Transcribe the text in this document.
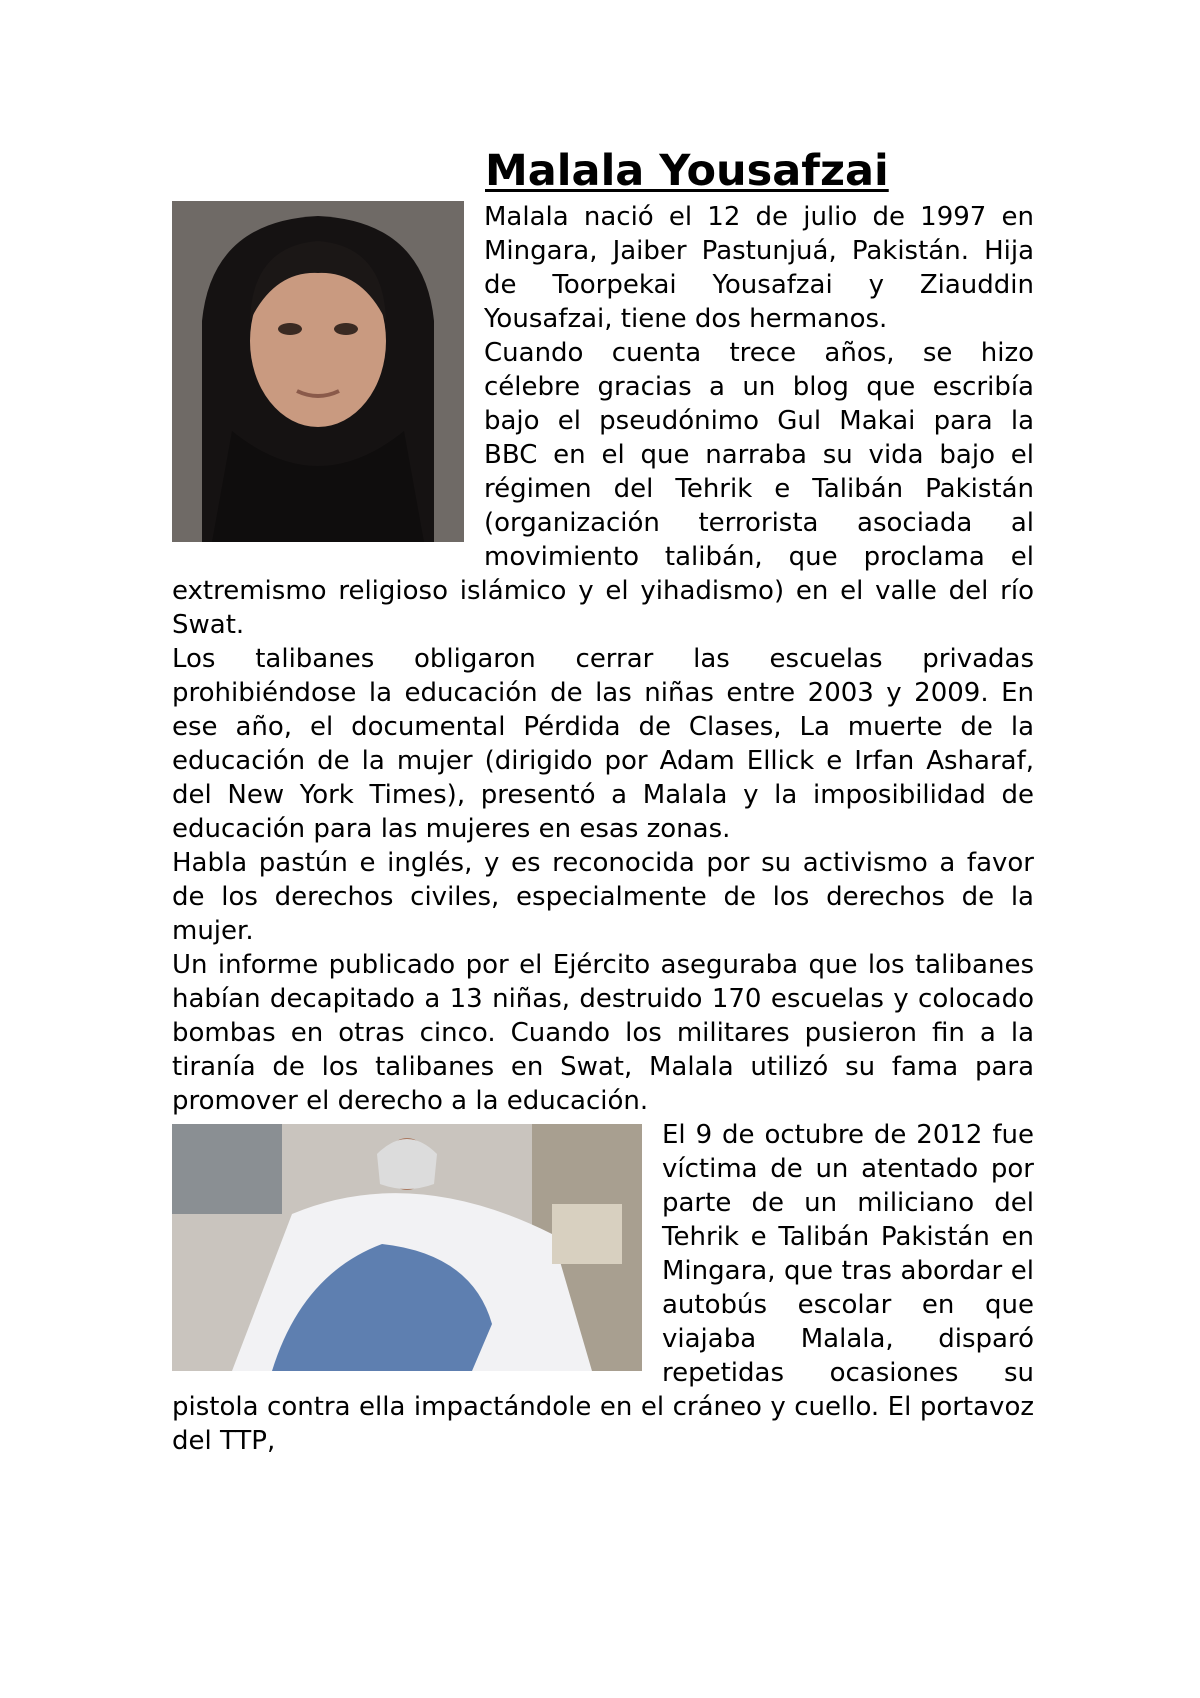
Malala Yousafzai

Malala nació el 12 de julio de 1997 en Mingara, Jaiber Pastunjuá, Pakistán. Hija de Toorpekai Yousafzai y Ziauddin Yousafzai, tiene dos hermanos.

Cuando cuenta trece años, se hizo célebre gracias a un blog que escribía bajo el pseudónimo Gul Makai para la BBC en el que narraba su vida bajo el régimen del Tehrik e Talibán Pakistán (organización terrorista asociada al movimiento talibán, que proclama el extremismo religioso islámico y el yihadismo) en el valle del río Swat.

Los talibanes obligaron cerrar las escuelas privadas prohibiéndose la educación de las niñas entre 2003 y 2009. En ese año, el documental Pérdida de Clases, La muerte de la educación de la mujer (dirigido por Adam Ellick e Irfan Asharaf, del New York Times), presentó a Malala y la imposibilidad de educación para las mujeres en esas zonas.

Habla pastún e inglés, y es reconocida por su activismo a favor de los derechos civiles, especialmente de los derechos de la mujer.

Un informe publicado por el Ejército aseguraba que los talibanes habían decapitado a 13 niñas, destruido 170 escuelas y colocado bombas en otras cinco. Cuando los militares pusieron fin a la tiranía de los talibanes en Swat, Malala utilizó su fama para promover el derecho a la educación.

El 9 de octubre de 2012 fue víctima de un atentado por parte de un miliciano del Tehrik e Talibán Pakistán en Mingara, que tras abordar el autobús escolar en que viajaba Malala, disparó repetidas ocasiones su pistola contra ella impactándole en el cráneo y cuello. El portavoz del TTP,
